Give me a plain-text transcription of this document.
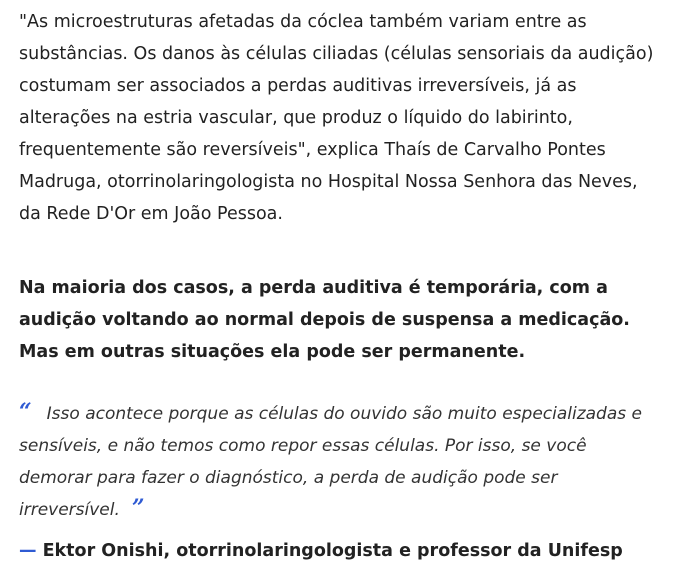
"As microestruturas afetadas da cóclea também variam entre as substâncias. Os danos às células ciliadas (células sensoriais da audição) costumam ser associados a perdas auditivas irreversíveis, já as alterações na estria vascular, que produz o líquido do labirinto, frequentemente são reversíveis", explica Thaís de Carvalho Pontes Madruga, otorrinolaringologista no Hospital Nossa Senhora das Neves, da Rede D'Or em João Pessoa.

Na maioria dos casos, a perda auditiva é temporária, com a audição voltando ao normal depois de suspensa a medicação. Mas em outras situações ela pode ser permanente.

“ Isso acontece porque as células do ouvido são muito especializadas e sensíveis, e não temos como repor essas células. Por isso, se você demorar para fazer o diagnóstico, a perda de audição pode ser irreversível. ”

— Ektor Onishi, otorrinolaringologista e professor da Unifesp
